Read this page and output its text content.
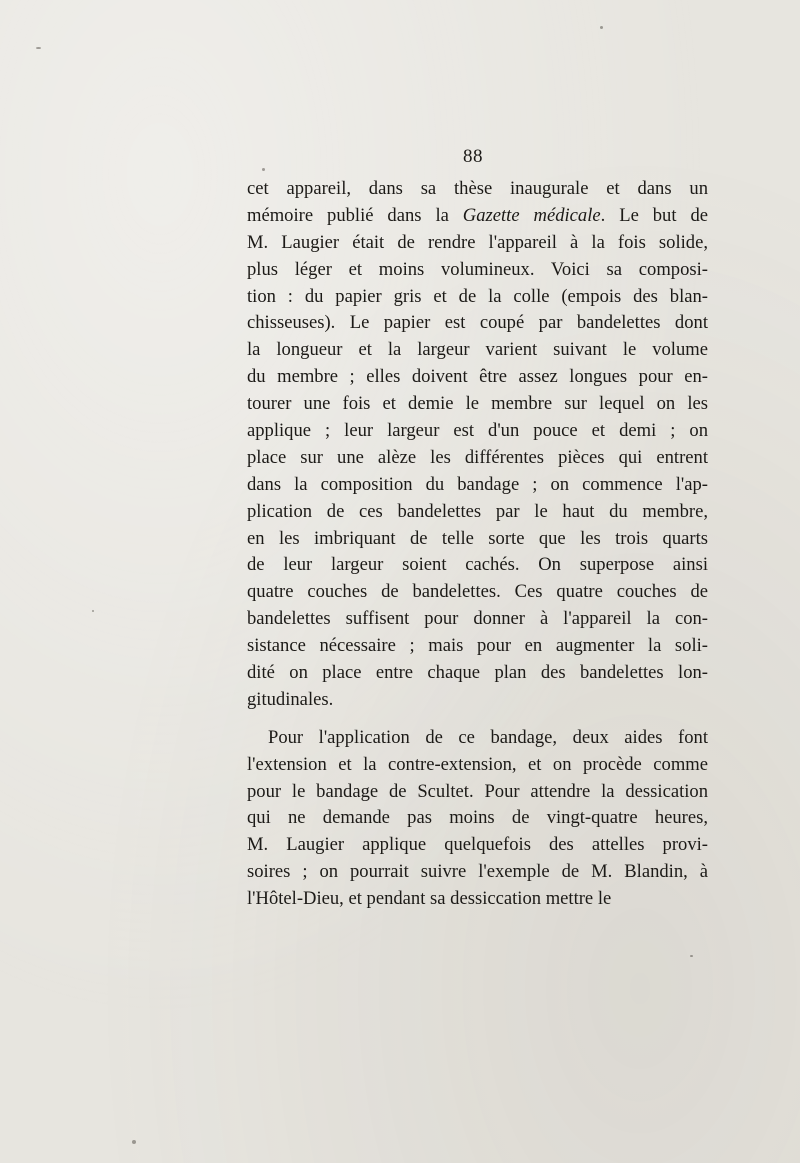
88
cet appareil, dans sa thèse inaugurale et dans un
mémoire publié dans la Gazette médicale. Le but de
M. Laugier était de rendre l'appareil à la fois solide,
plus léger et moins volumineux. Voici sa composi-
tion : du papier gris et de la colle (empois des blan-
chisseuses). Le papier est coupé par bandelettes dont
la longueur et la largeur varient suivant le volume
du membre ; elles doivent être assez longues pour en-
tourer une fois et demie le membre sur lequel on les
applique ; leur largeur est d'un pouce et demi ; on
place sur une alèze les différentes pièces qui entrent
dans la composition du bandage ; on commence l'ap-
plication de ces bandelettes par le haut du membre,
en les imbriquant de telle sorte que les trois quarts
de leur largeur soient cachés. On superpose ainsi
quatre couches de bandelettes. Ces quatre couches de
bandelettes suffisent pour donner à l'appareil la con-
sistance nécessaire ; mais pour en augmenter la soli-
dité on place entre chaque plan des bandelettes lon-
gitudinales.
Pour l'application de ce bandage, deux aides font
l'extension et la contre-extension, et on procède comme
pour le bandage de Scultet. Pour attendre la dessication
qui ne demande pas moins de vingt-quatre heures,
M. Laugier applique quelquefois des attelles provi-
soires ; on pourrait suivre l'exemple de M. Blandin, à
l'Hôtel-Dieu, et pendant sa dessiccation mettre le
